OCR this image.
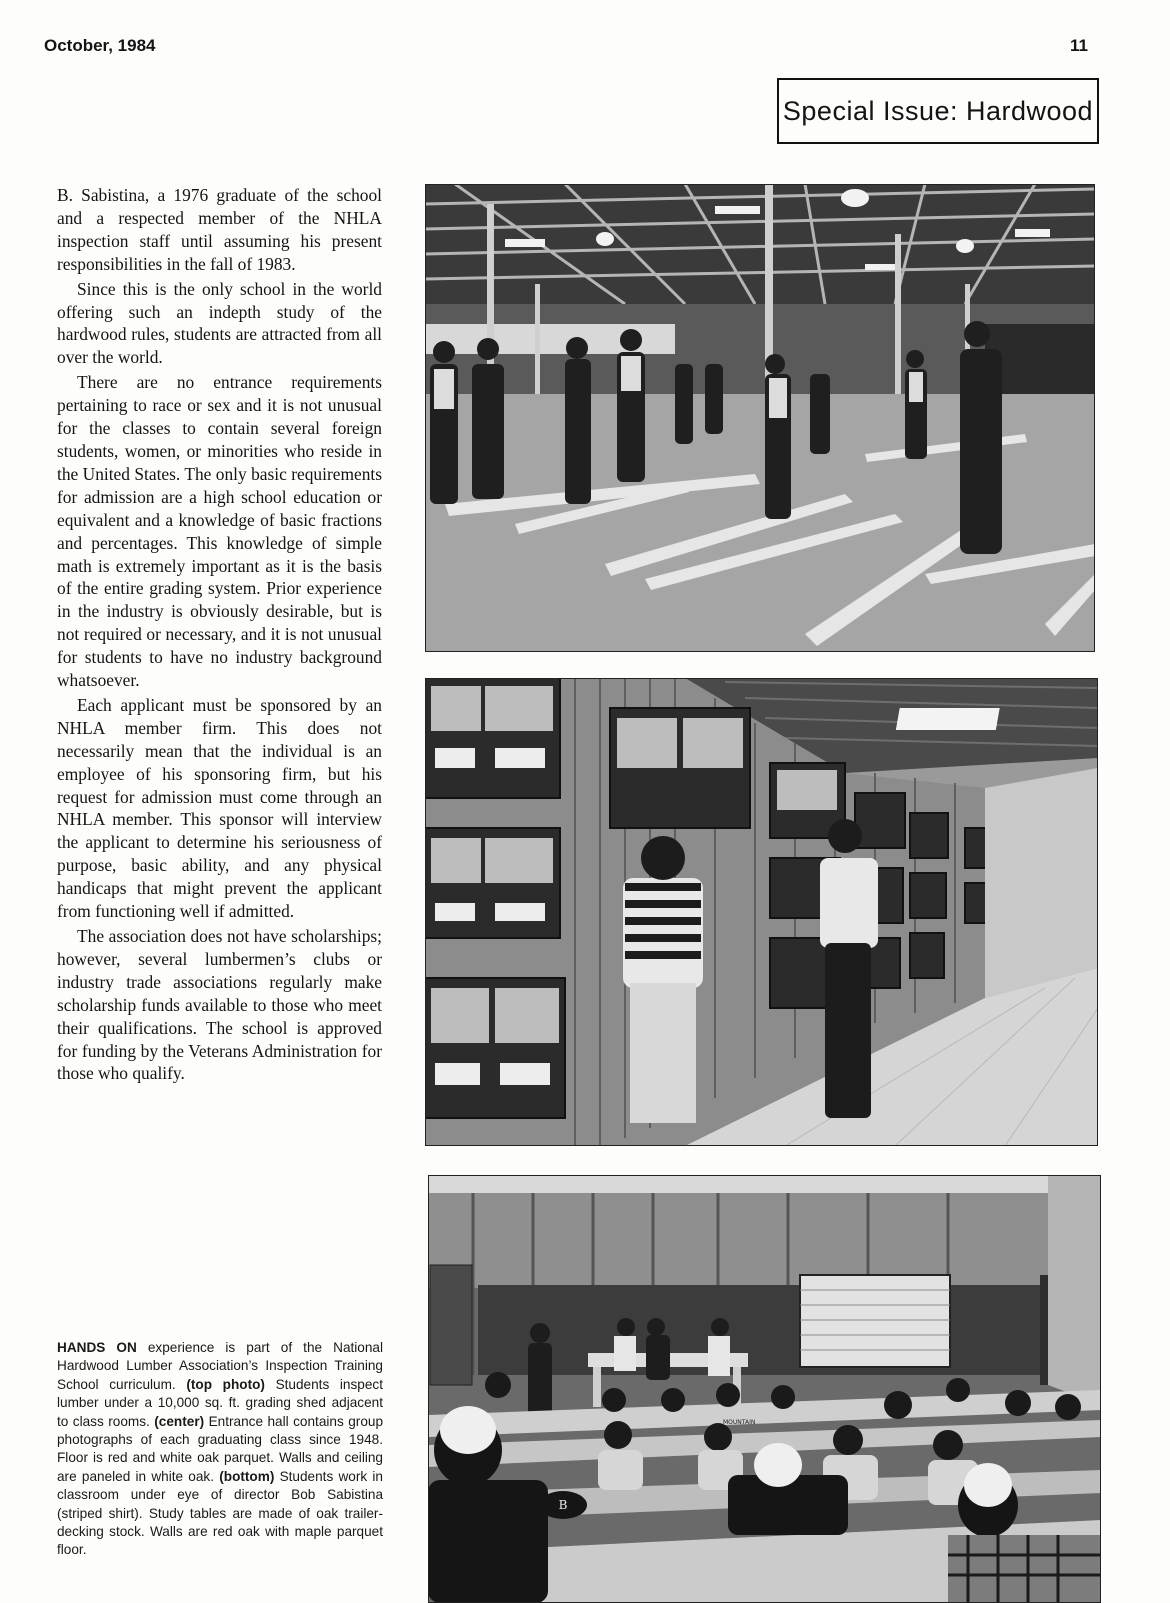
October, 1984	11
Special Issue: Hardwood

B. Sabistina, a 1976 graduate of the school and a respected member of the NHLA inspection staff until assuming his present responsibilities in the fall of 1983.

Since this is the only school in the world offering such an indepth study of the hardwood rules, students are attracted from all over the world.

There are no entrance requirements pertaining to race or sex and it is not unusual for the classes to contain several foreign students, women, or minorities who reside in the United States. The only basic requirements for admission are a high school education or equivalent and a knowledge of basic fractions and percentages. This knowledge of simple math is extremely important as it is the basis of the entire grading system. Prior experience in the industry is obviously desirable, but is not required or necessary, and it is not unusual for students to have no industry background whatsoever.

Each applicant must be sponsored by an NHLA member firm. This does not necessarily mean that the individual is an employee of his sponsoring firm, but his request for admission must come through an NHLA member. This sponsor will interview the applicant to determine his seriousness of purpose, basic ability, and any physical handicaps that might prevent the applicant from functioning well if admitted.

The association does not have scholarships; however, several lumbermen’s clubs or industry trade associations regularly make scholarship funds available to those who meet their qualifications. The school is approved for funding by the Veterans Administration for those who qualify.

HANDS ON experience is part of the National Hardwood Lumber Association’s Inspection Training School curriculum. (top photo) Students inspect lumber under a 10,000 sq. ft. grading shed adjacent to class rooms. (center) Entrance hall contains group photographs of each graduating class since 1948. Floor is red and white oak parquet. Walls and ceiling are paneled in white oak. (bottom) Students work in classroom under eye of director Bob Sabistina (striped shirt). Study tables are made of oak trailer-decking stock. Walls are red oak with maple parquet floor.
B
MOUNTAIN
